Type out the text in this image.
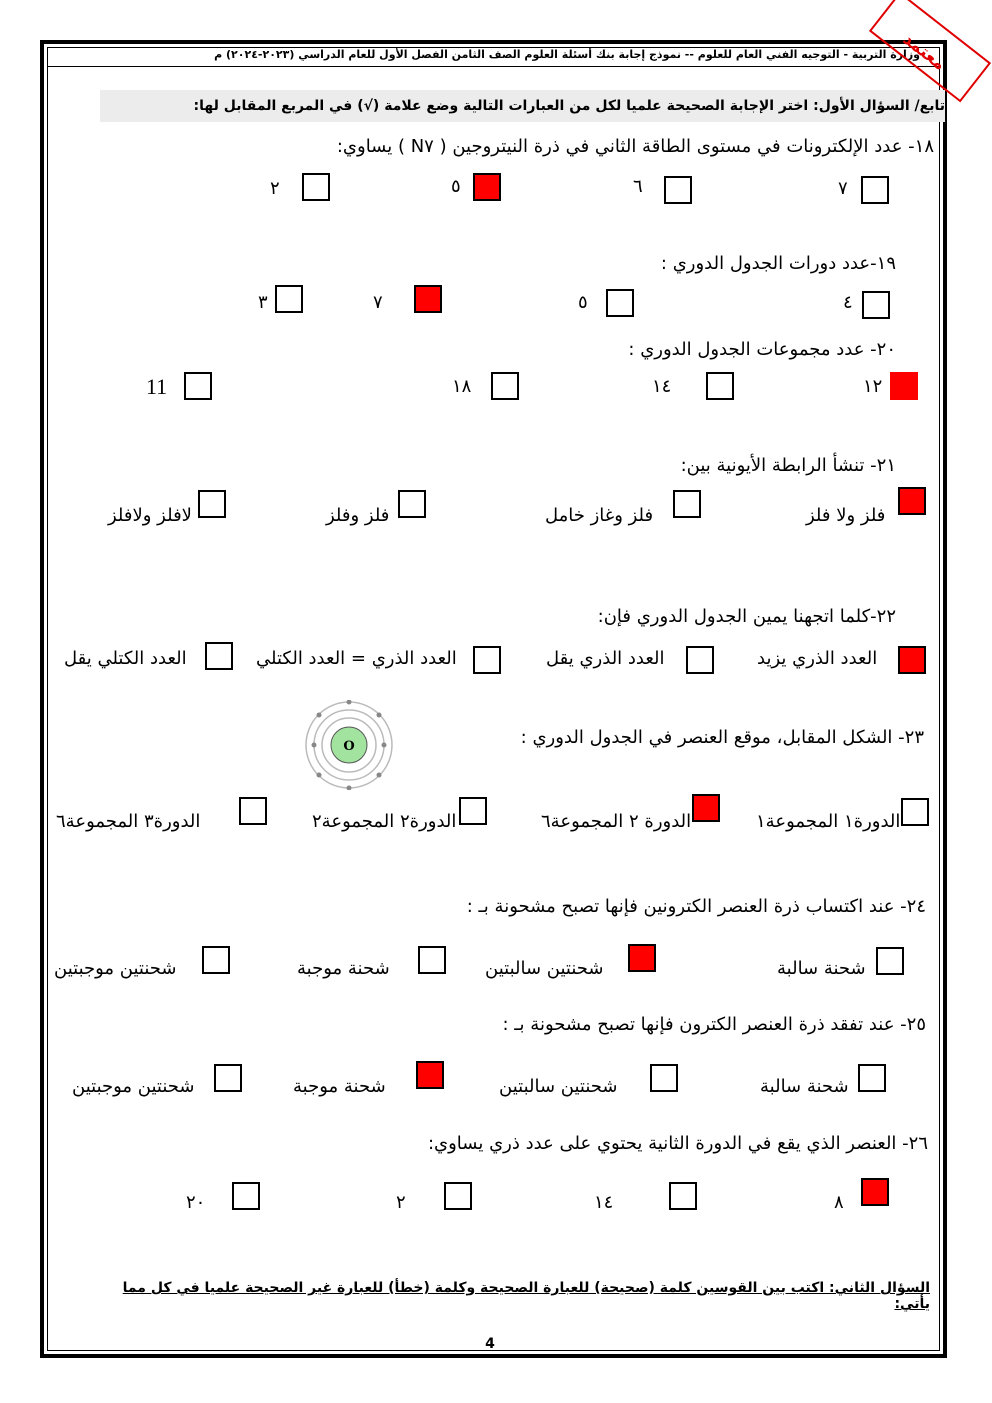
وزارة التربية - التوجيه الفني العام للعلوم -- نموذج إجابة بنك أسئلة العلوم الصف الثامن الفصل الأول للعام الدراسي (٢٠٢٣-٢٠٢٤) م
معتمد
تابع/ السؤال الأول: اختر الإجابة الصحيحة علميا لكل من العبارات التالية وضع علامة (√) في المربع المقابل لها:
١٨- عدد الإلكترونات في مستوى الطاقة الثاني في ذرة النيتروجين ( N٧ ) يساوي:
٧
٦
٥
٢
١٩-عدد دورات الجدول الدوري :
٤
٥
٧
٣
٢٠- عدد مجموعات الجدول الدوري :
١٢
١٤
١٨
11
٢١- تنشأ الرابطة الأيونية بين:
فلز ولا فلز
فلز وغاز خامل
فلز وفلز
لافلز ولافلز
٢٢-كلما اتجهنا يمين الجدول الدوري فإن:
العدد الذري يزيد
العدد الذري يقل
العدد الذري = العدد الكتلي
العدد الكتلي يقل
٢٣- الشكل المقابل، موقع العنصر في الجدول الدوري :
O
الدورة١ المجموعة١
الدورة ٢ المجموعة٦
الدورة٢ المجموعة٢
الدورة٣ المجموعة٦
٢٤- عند اكتساب ذرة العنصر الكترونين فإنها تصبح مشحونة بـ :
شحنة سالبة
شحنتين سالبتين
شحنة موجبة
شحنتين موجبتين
٢٥- عند تفقد ذرة العنصر الكترون فإنها تصبح مشحونة بـ :
شحنة سالبة
شحنتين سالبتين
شحنة موجبة
شحنتين موجبتين
٢٦- العنصر الذي يقع في الدورة الثانية يحتوي على عدد ذري يساوي:
٨
١٤
٢
٢٠
السؤال الثاني: اكتب بين القوسين كلمة (صحيحة) للعبارة الصحيحة وكلمة (خطأ) للعبارة غير الصحيحة علميا في كل مما يأتي:
4
